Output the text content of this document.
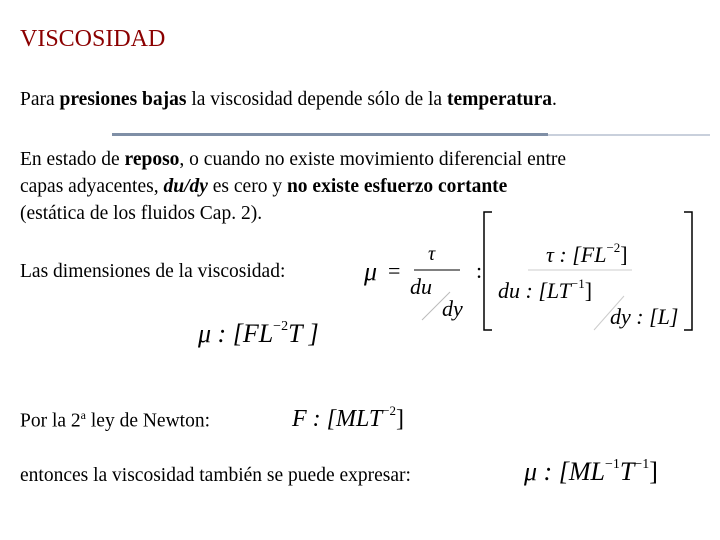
VISCOSIDAD
Para presiones bajas la viscosidad depende sólo de la temperatura.
En estado de reposo, o cuando no existe movimiento diferencial entre
capas adyacentes, du/dy es cero y no existe esfuerzo cortante
(estática de los fluidos Cap. 2).
Las dimensiones de la viscosidad:
Por la 2$^a$ ley de Newton:
entonces la viscosidad también se puede expresar:
μ =
τ
du
dy
:
τ : $[FL^{-2}]$
du : $[LT^{-1}]$
dy : [L]
μ : [$FL^{-2}T$ ]
F : $[MLT^{-2}]$
μ : $[ML^{-1}T^{-1}]$
